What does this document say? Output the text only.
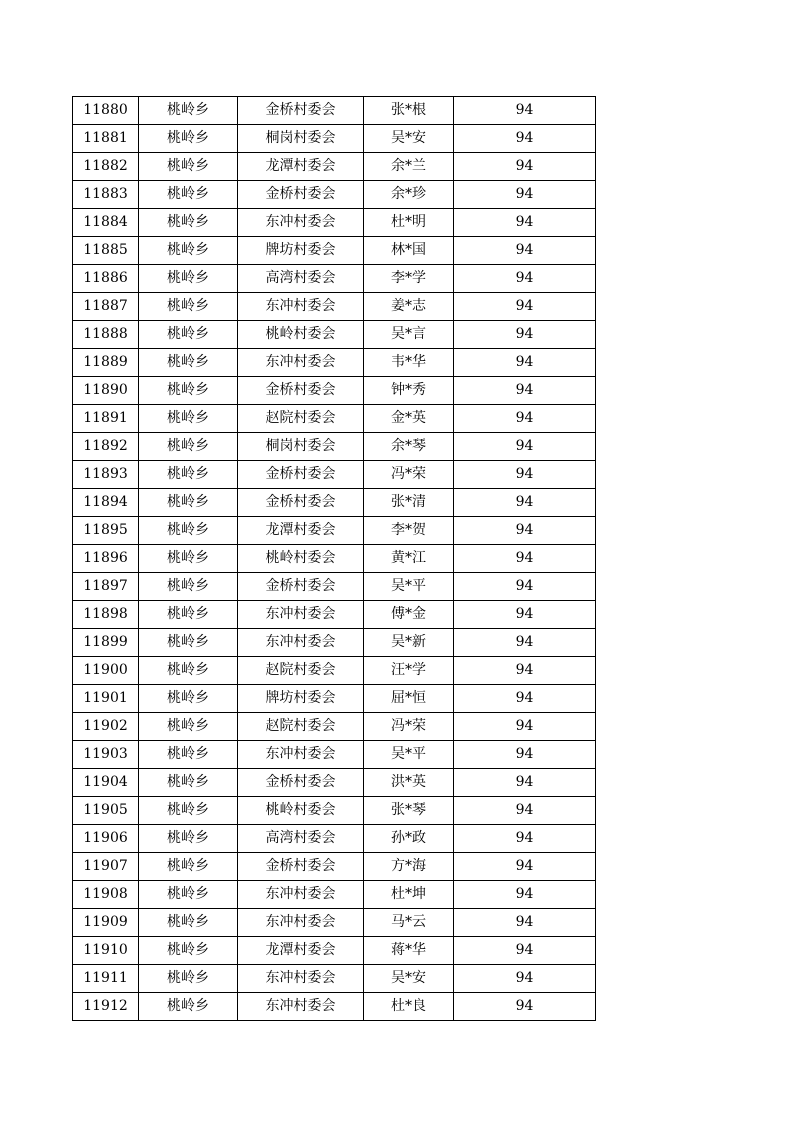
11880	桃岭乡	金桥村委会	张*根	94
11881	桃岭乡	桐岗村委会	吴*安	94
11882	桃岭乡	龙潭村委会	余*兰	94
11883	桃岭乡	金桥村委会	余*珍	94
11884	桃岭乡	东冲村委会	杜*明	94
11885	桃岭乡	牌坊村委会	林*国	94
11886	桃岭乡	高湾村委会	李*学	94
11887	桃岭乡	东冲村委会	姜*志	94
11888	桃岭乡	桃岭村委会	吴*言	94
11889	桃岭乡	东冲村委会	韦*华	94
11890	桃岭乡	金桥村委会	钟*秀	94
11891	桃岭乡	赵院村委会	金*英	94
11892	桃岭乡	桐岗村委会	余*琴	94
11893	桃岭乡	金桥村委会	冯*荣	94
11894	桃岭乡	金桥村委会	张*清	94
11895	桃岭乡	龙潭村委会	李*贺	94
11896	桃岭乡	桃岭村委会	黄*江	94
11897	桃岭乡	金桥村委会	吴*平	94
11898	桃岭乡	东冲村委会	傅*金	94
11899	桃岭乡	东冲村委会	吴*新	94
11900	桃岭乡	赵院村委会	汪*学	94
11901	桃岭乡	牌坊村委会	屈*恒	94
11902	桃岭乡	赵院村委会	冯*荣	94
11903	桃岭乡	东冲村委会	吴*平	94
11904	桃岭乡	金桥村委会	洪*英	94
11905	桃岭乡	桃岭村委会	张*琴	94
11906	桃岭乡	高湾村委会	孙*政	94
11907	桃岭乡	金桥村委会	方*海	94
11908	桃岭乡	东冲村委会	杜*坤	94
11909	桃岭乡	东冲村委会	马*云	94
11910	桃岭乡	龙潭村委会	蒋*华	94
11911	桃岭乡	东冲村委会	吴*安	94
11912	桃岭乡	东冲村委会	杜*良	94
